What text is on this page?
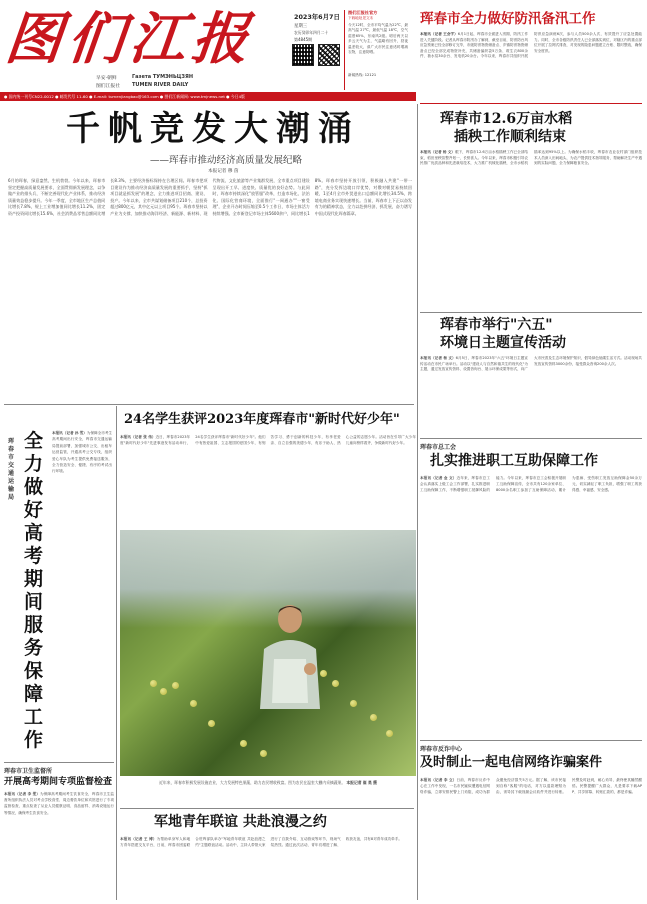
图们江报	2023年6月7日
星期三
农历癸卯年四月二十
第4845期
早安·朝鲜
图们江报社
Газета ТУМЭНЬЦЗЯН
TUMEN RIVER DAILY
图们江报社官方
下载地址见文末
今天12时，全市平均气温为22℃，最高气温 27℃，最低气温 18℃，空气湿度65%，东南风2级。明后两天以多云天气为主，气温略有回升，昼夜温差较大，请广大市民注意适时增减衣物，注意防晒。
新闻热线: 12121
● 国内统一刊号CN22-0012 ● 邮发代号 11-60 ● E-mail: tumenjiangbao@163.com ● 图们江新闻网: www.tmjnews.net ● 今日4版
珲春市全力做好防汛备汛工作
本报讯（记者 王会宇）6月1日起，珲春市全面进入汛期，防汛工作进入关键阶段。记者从珲春市防汛办了解到，截至目前，防汛防台风应急预案已经全部修订完毕，市级防汛物资储备点、乡镇防汛物资储备点已经全部完成物资补充，共储备编织袋5万条、救生衣800余件、抽水泵30余台、发电机20余台。今年以来，珲春市共组织开展防汛应急演练6次，参与人员500余人次，有效提升了应急处置能力。同时，全市各级防汛责任人已全部落实到位，对辖区内的重点部位开展了拉网式排查，对发现的隐患问题建立台账、限时整改，确保安全度汛。
千帆竞发大潮涌
——珲春市推动经济高质量发展纪略
本报记者 穆 茵
6月的珲春，绿意盎然，生机勃勃。今年以来，珲春市坚定把握高质量发展要求，全面贯彻新发展理念，以争做产业的排头兵，不断完善现代化产业体系，推动经济质量效益稳步提升。今年一季度，全市地区生产总值同比增长7.8%，规上工业增加值同比增长11.2%，固定资产投资同比增长15.6%，社会消费品零售总额同比增长8.3%，主要经济指标保持在合理区间。珲春市把项目建设作为推动经济高质量发展的重要抓手，坚持"抓项目就是抓发展"的理念，全力推进项目招商、建设、投产。今年以来，全市共谋划储备项目210个，总投资超过800亿元，其中亿元以上项目95个。珲春市坚持以产业为支撑，加快推动海洋经济、新能源、新材料、现代物流、文化旅游等产业集群发展，全市重点项目建设呈现出开工早、进度快、质量优的良好态势。与此同时，珲春市持续深化"放管服"改革，打造市场化、法治化、国际化营商环境，全面推行"一网通办""一窗受理"，企业开办时间压缩至0.5个工作日，市场主体活力持续增强。全市新登记市场主体5600余户，同比增长18%。珲春市坚持开放引领，积极融入共建"一带一路"，充分发挥边境口岸优势，对俄对朝贸易持续回暖，1至4月全市外贸进出口总额同比增长34.5%，跨境电商业务实现快速增长。当前，珲春市上下正以奋发有为的精神状态，全力以赴拼经济、抓发展，奋力谱写中国式现代化珲春篇章。
珲春市12.6万亩水稻
插秧工作顺利结束
本报讯（记者 杨 文）眼下，珲春市12.6万亩水稻插秧工作已全部结束，稻田里秧苗整齐划一，长势喜人。今年以来，珲春市积极引导农民推广优质品种和先进栽培技术，大力推广机械化插秧，全市水稻机插率达到95%以上。为确保水稻丰收，珲春市农业农村部门组织技术人员深入田间地头，为农户提供技术指导服务，帮助解决生产中遇到的实际问题，全力保障粮食安全。
珲春市举行"六五"
环境日主题宣传活动
本报讯（记者 杨 文）6月5日，珲春市2023年"六五"环境日主题宣传活动在市民广场举行。活动以"建设人与自然和谐共生的现代化"为主题，通过发放宣传资料、设置咨询台、展示环保成果等形式，向广大市民普及生态环境保护知识，倡导绿色低碳生活方式。活动现场共发放宣传资料3000余份，接受群众咨询200余人次。
珲春市总工会
扎实推进职工互助保障工作
本报讯（记者 金 文）近年来，珲春市总工会认真落实上级工会工作部署，扎实推进职工互助保障工作，不断增强职工抵御风险的能力。今年以来，珲春市总工会积极开展职工互助保障宣传，全市共有120余家单位、8000余名职工参加了互助保障活动，累计为患病、受伤职工发放互助保障金50余万元，切实减轻了职工负担，增强了职工的获得感、幸福感、安全感。
珲春市反诈中心
及时制止一起电信网络诈骗案件
本报讯（记者 李 立）日前，珲春市反诈中心在工作中发现，一名市民疑似遭遇电信网络诈骗，立即安排民警上门劝阻，成功为群众避免经济损失5万元。据了解，该市民接到自称"客服"的电话，对方以退款理赔为由，诱导其下载视频会议软件并进行转账。民警及时赶到，耐心劝导，最终使其幡然醒悟。民警提醒广大群众，凡是要求下载APP、共享屏幕、转账汇款的，都是诈骗。
珲春市交通运输局
全力做好高考期间服务保障工作
本报讯（记者 孙 雪）为保障全市考生高考期间出行安全，珲春市交通运输局提前部署，加强城市公交、出租车运营监管，开通高考公交专线，组织爱心车队为考生提供免费接送服务，全力营造安全、便捷、有序的考试出行环境。
珲春市卫生监督所
开展高考期间专项监督检查
本报讯（记者 李 雯）为保障高考期间考生饮食安全，珲春市卫生监督所组织执法人员对考点学校食堂、周边餐饮单位和宾馆进行了专项监督检查，重点检查了从业人员健康证明、食品留样、消毒设施运行等情况，确保考生饮食安全。
24名学生获评2023年度珲春市"新时代好少年"
本报讯（记者 张 伟）近日，珲春市2023年度"新时代好少年"先进事迹发布活动举行，24名学生获评珲春市"新时代好少年"。他们中有热爱祖国、立志报国的爱国少年，有刻苦学习、勇于创新的科技少年，有孝老爱亲、自立自强的美德少年，有乐于助人、热心公益的志愿少年。活动旨在引导广大少年儿童向榜样看齐，争做新时代好少年。
近年来，珲春市积极发展设施农业，大力发展特色果蔬，助力农民增收致富。图为农民在温室大棚内采摘蔬果。 本报记者 崔 昊 摄
军地青年联谊 共赴浪漫之约
本报讯（记者 王 博）为帮助单身军人和地方青年搭建交友平台，日前，珲春市团委联合驻珲部队举办"军地青年联谊 共赴浪漫之约"主题联谊活动。活动中，主持人带领大家进行了自我介绍、互动游戏等环节，现场气氛热烈。通过此次活动，青年们增进了解、收获友谊，共有8对青年成功牵手。
